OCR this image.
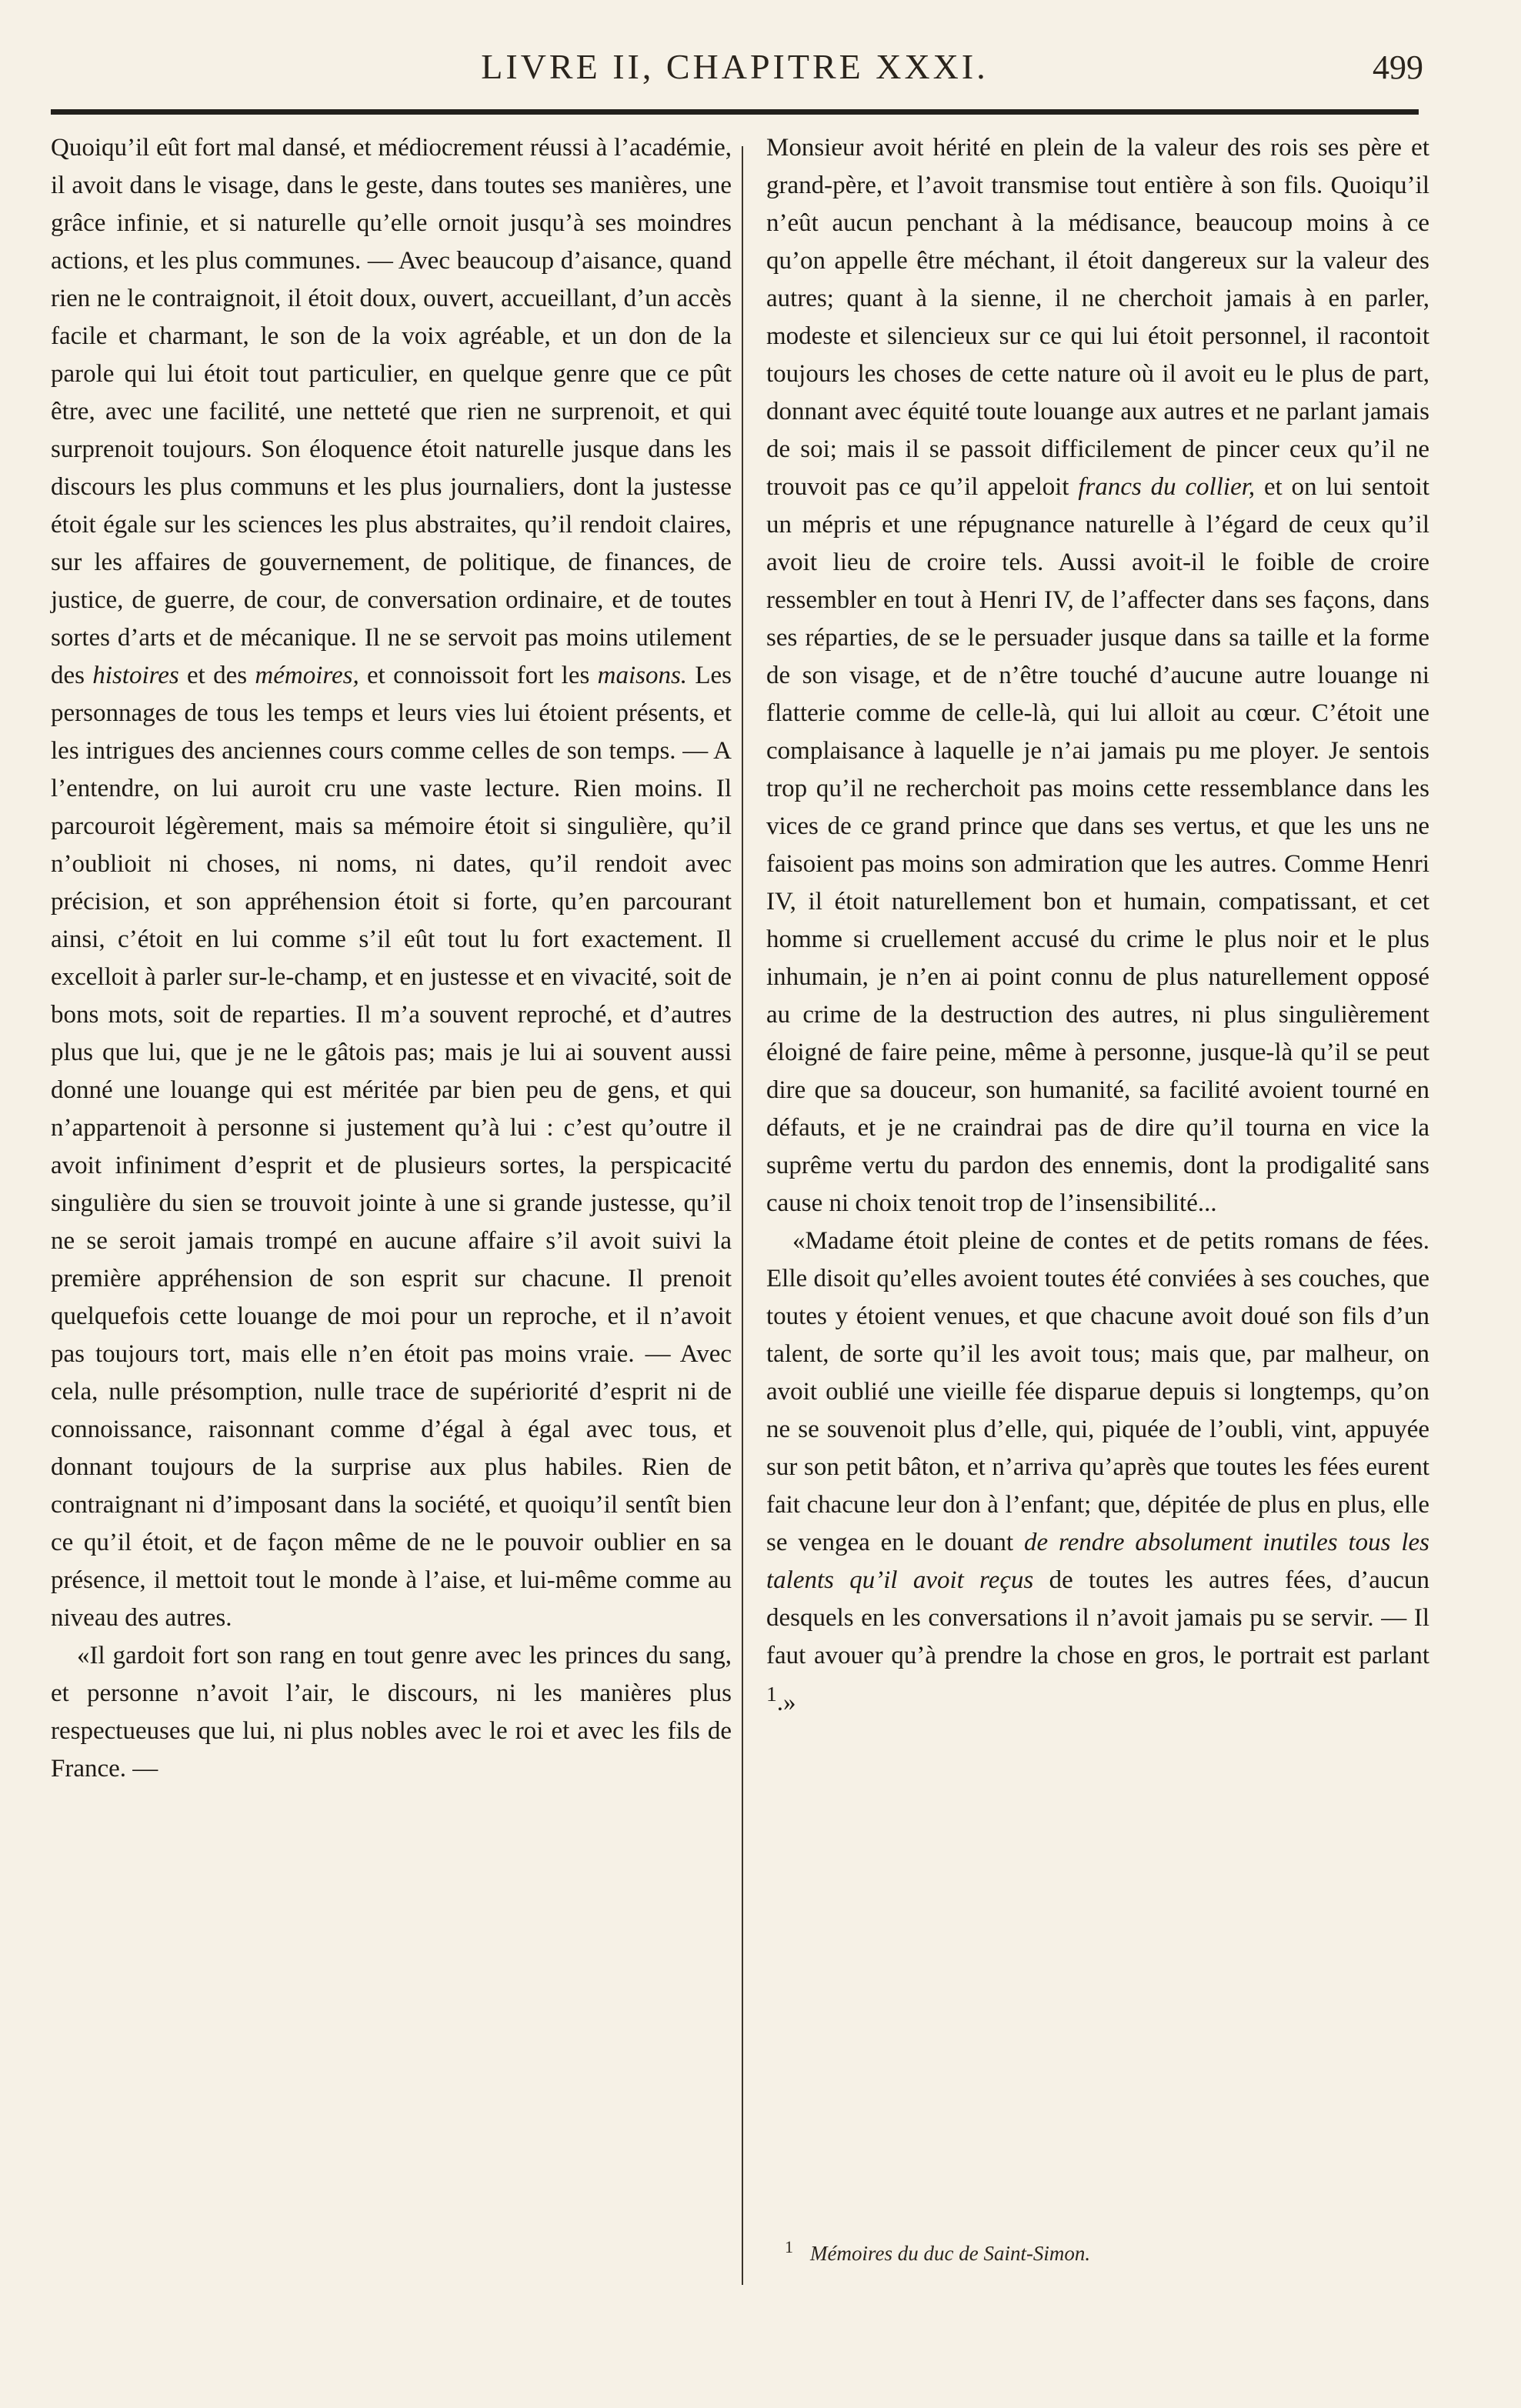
LIVRE II, CHAPITRE XXXI.	499

Quoiqu’il eût fort mal dansé, et médiocrement réussi à l’académie, il avoit dans le visage, dans le geste, dans toutes ses manières, une grâce infinie, et si naturelle qu’elle ornoit jusqu’à ses moindres actions, et les plus communes. — Avec beaucoup d’aisance, quand rien ne le contraignoit, il étoit doux, ouvert, accueillant, d’un accès facile et charmant, le son de la voix agréable, et un don de la parole qui lui étoit tout particulier, en quelque genre que ce pût être, avec une facilité, une netteté que rien ne surprenoit, et qui surprenoit toujours. Son éloquence étoit naturelle jusque dans les discours les plus communs et les plus journaliers, dont la justesse étoit égale sur les sciences les plus abstraites, qu’il rendoit claires, sur les affaires de gouvernement, de politique, de finances, de justice, de guerre, de cour, de conversation ordinaire, et de toutes sortes d’arts et de mécanique. Il ne se servoit pas moins utilement des histoires et des mémoires, et connoissoit fort les maisons. Les personnages de tous les temps et leurs vies lui étoient présents, et les intrigues des anciennes cours comme celles de son temps. — A l’entendre, on lui auroit cru une vaste lecture. Rien moins. Il parcouroit légèrement, mais sa mémoire étoit si singulière, qu’il n’oublioit ni choses, ni noms, ni dates, qu’il rendoit avec précision, et son appréhension étoit si forte, qu’en parcourant ainsi, c’étoit en lui comme s’il eût tout lu fort exactement. Il excelloit à parler sur-le-champ, et en justesse et en vivacité, soit de bons mots, soit de reparties. Il m’a souvent reproché, et d’autres plus que lui, que je ne le gâtois pas; mais je lui ai souvent aussi donné une louange qui est méritée par bien peu de gens, et qui n’appartenoit à personne si justement qu’à lui : c’est qu’outre il avoit infiniment d’esprit et de plusieurs sortes, la perspicacité singulière du sien se trouvoit jointe à une si grande justesse, qu’il ne se seroit jamais trompé en aucune affaire s’il avoit suivi la première appréhension de son esprit sur chacune. Il prenoit quelquefois cette louange de moi pour un reproche, et il n’avoit pas toujours tort, mais elle n’en étoit pas moins vraie. — Avec cela, nulle présomption, nulle trace de supériorité d’esprit ni de connoissance, raisonnant comme d’égal à égal avec tous, et donnant toujours de la surprise aux plus habiles. Rien de contraignant ni d’imposant dans la société, et quoiqu’il sentît bien ce qu’il étoit, et de façon même de ne le pouvoir oublier en sa présence, il mettoit tout le monde à l’aise, et lui-même comme au niveau des autres.

«Il gardoit fort son rang en tout genre avec les princes du sang, et personne n’avoit l’air, le discours, ni les manières plus respectueuses que lui, ni plus nobles avec le roi et avec les fils de France. —

Monsieur avoit hérité en plein de la valeur des rois ses père et grand-père, et l’avoit transmise tout entière à son fils. Quoiqu’il n’eût aucun penchant à la médisance, beaucoup moins à ce qu’on appelle être méchant, il étoit dangereux sur la valeur des autres; quant à la sienne, il ne cherchoit jamais à en parler, modeste et silencieux sur ce qui lui étoit personnel, il racontoit toujours les choses de cette nature où il avoit eu le plus de part, donnant avec équité toute louange aux autres et ne parlant jamais de soi; mais il se passoit difficilement de pincer ceux qu’il ne trouvoit pas ce qu’il appeloit francs du collier, et on lui sentoit un mépris et une répugnance naturelle à l’égard de ceux qu’il avoit lieu de croire tels. Aussi avoit-il le foible de croire ressembler en tout à Henri IV, de l’affecter dans ses façons, dans ses réparties, de se le persuader jusque dans sa taille et la forme de son visage, et de n’être touché d’aucune autre louange ni flatterie comme de celle-là, qui lui alloit au cœur. C’étoit une complaisance à laquelle je n’ai jamais pu me ployer. Je sentois trop qu’il ne recherchoit pas moins cette ressemblance dans les vices de ce grand prince que dans ses vertus, et que les uns ne faisoient pas moins son admiration que les autres. Comme Henri IV, il étoit naturellement bon et humain, compatissant, et cet homme si cruellement accusé du crime le plus noir et le plus inhumain, je n’en ai point connu de plus naturellement opposé au crime de la destruction des autres, ni plus singulièrement éloigné de faire peine, même à personne, jusque-là qu’il se peut dire que sa douceur, son humanité, sa facilité avoient tourné en défauts, et je ne craindrai pas de dire qu’il tourna en vice la suprême vertu du pardon des ennemis, dont la prodigalité sans cause ni choix tenoit trop de l’insensibilité...

«Madame étoit pleine de contes et de petits romans de fées. Elle disoit qu’elles avoient toutes été conviées à ses couches, que toutes y étoient venues, et que chacune avoit doué son fils d’un talent, de sorte qu’il les avoit tous; mais que, par malheur, on avoit oublié une vieille fée disparue depuis si longtemps, qu’on ne se souvenoit plus d’elle, qui, piquée de l’oubli, vint, appuyée sur son petit bâton, et n’arriva qu’après que toutes les fées eurent fait chacune leur don à l’enfant; que, dépitée de plus en plus, elle se vengea en le douant de rendre absolument inutiles tous les talents qu’il avoit reçus de toutes les autres fées, d’aucun desquels en les conversations il n’avoit jamais pu se servir. — Il faut avouer qu’à prendre la chose en gros, le portrait est parlant $^1$.»

$^1$ Mémoires du duc de Saint-Simon.
